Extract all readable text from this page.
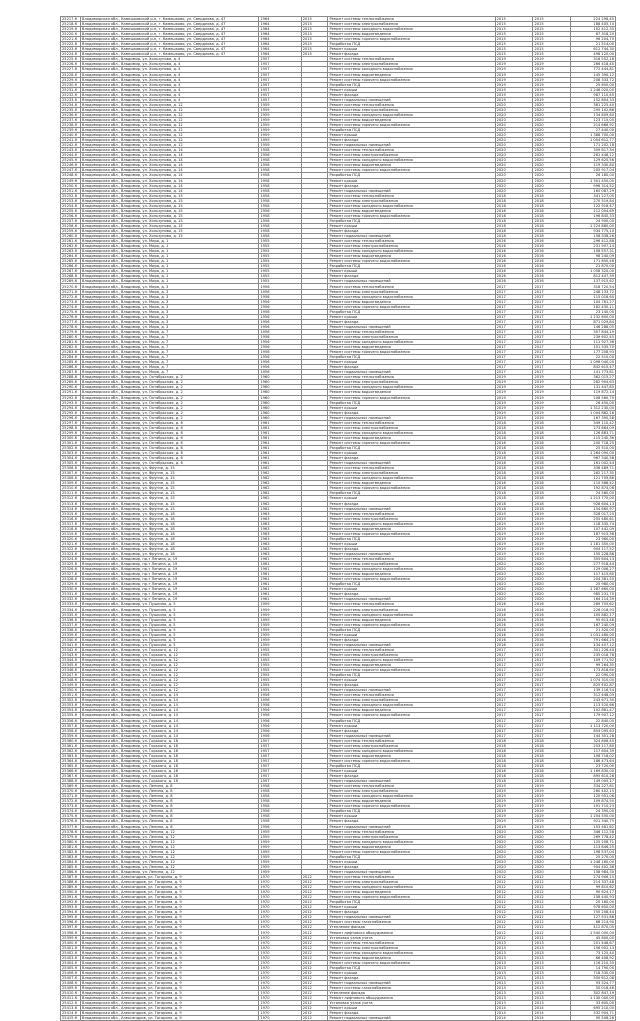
25217-К	Владимирская обл., Камешковский р-н, г. Камешково, ул. Свердлова, д. 47	1964	2015	Ремонт системы теплоснабжения	2015	2015	224 298,45
25218-К	Владимирская обл., Камешковский р-н, г. Камешково, ул. Свердлова, д. 47	1964	2015	Ремонт системы электроснабжения	2015	2015	188 405,10
25219-К	Владимирская обл., Камешковский р-н, г. Камешково, ул. Свердлова, д. 47	1964	2015	Ремонт системы холодного водоснабжения	2015	2015	102 412,35
25220-К	Владимирская обл., Камешковский р-н, г. Камешково, ул. Свердлова, д. 47	1964	2015	Ремонт системы водоотведения	2015	2015	87 318,20
25221-К	Владимирская обл., Камешковский р-н, г. Камешково, ул. Свердлова, д. 47	1964	2015	Ремонт системы горячего водоснабжения	2015	2015	96 204,70
25222-К	Владимирская обл., Камешковский р-н, г. Камешково, ул. Свердлова, д. 47	1964	2015	Разработка ПСД	2015	2015	21 514,00
25223-К	Владимирская обл., Камешковский р-н, г. Камешково, ул. Свердлова, д. 47	1964	2015	Ремонт крыши	2015	2015	612 744,30
25224-К	Владимирская обл., Камешковский р-н, г. Камешково, ул. Свердлова, д. 47	1964	2015	Ремонт фасада	2015	2015	498 120,00
25225-К	Владимирская обл., Владимир, ул. Хользунова, д. 4	1957		Ремонт системы теплоснабжения	2019	2019	316 552,18
25226-К	Владимирская обл., Владимир, ул. Хользунова, д. 4	1957		Ремонт системы электроснабжения	2019	2019	266 418,40
25227-К	Владимирская обл., Владимир, ул. Хользунова, д. 4	1957		Ремонт системы холодного водоснабжения	2019	2019	772 444,81
25228-К	Владимирская обл., Владимир, ул. Хользунова, д. 4	1957		Ремонт системы водоотведения	2019	2019	145 390,12
25229-К	Владимирская обл., Владимир, ул. Хользунова, д. 4	1957		Ремонт системы горячего водоснабжения	2019	2019	208 333,72
25230-К	Владимирская обл., Владимир, ул. Хользунова, д. 4	1957		Разработка ПСД	2019	2019	25 650,00
25231-К	Владимирская обл., Владимир, ул. Хользунова, д. 4	1957		Ремонт крыши	2019	2019	1 246 020,00
25232-К	Владимирская обл., Владимир, ул. Хользунова, д. 4	1957		Ремонт фасада	2019	2019	987 110,45
25233-К	Владимирская обл., Владимир, ул. Хользунова, д. 4	1957		Ремонт подвальных помещений	2019	2019	152 804,33
25234-К	Владимирская обл., Владимир, ул. Хользунова, д. 12	1959		Ремонт системы теплоснабжения	2020	2020	381 225,40
25235-К	Владимирская обл., Владимир, ул. Хользунова, д. 12	1959		Ремонт системы электроснабжения	2020	2020	295 102,88
25236-К	Владимирская обл., Владимир, ул. Хользунова, д. 12	1959		Ремонт системы холодного водоснабжения	2020	2020	134 809,60
25237-К	Владимирская обл., Владимир, ул. Хользунова, д. 12	1959		Ремонт системы водоотведения	2020	2020	123 715,05
25238-К	Владимирская обл., Владимир, ул. Хользунова, д. 12	1959		Ремонт системы горячего водоснабжения	2020	2020	214 668,92
25239-К	Владимирская обл., Владимир, ул. Хользунова, д. 12	1959		Разработка ПСД	2020	2020	27 440,00
25240-К	Владимирская обл., Владимир, ул. Хользунова, д. 12	1959		Ремонт крыши	2020	2020	1 388 700,00
25241-К	Владимирская обл., Владимир, ул. Хользунова, д. 12	1959		Ремонт фасада	2020	2020	1 054 612,77
25242-К	Владимирская обл., Владимир, ул. Хользунова, д. 12	1959		Ремонт подвальных помещений	2020	2020	171 202,18
25243-К	Владимирская обл., Владимир, ул. Хользунова, д. 14	1958		Ремонт системы теплоснабжения	2020	2020	359 817,34
25244-К	Владимирская обл., Владимир, ул. Хользунова, д. 14	1958		Ремонт системы электроснабжения	2020	2020	281 448,12
25245-К	Владимирская обл., Владимир, ул. Хользунова, д. 14	1958		Ремонт системы холодного водоснабжения	2020	2020	129 620,56
25246-К	Владимирская обл., Владимир, ул. Хользунова, д. 14	1958		Ремонт системы водоотведения	2020	2020	119 330,80
25247-К	Владимирская обл., Владимир, ул. Хользунова, д. 14	1958		Ремонт системы горячего водоснабжения	2020	2020	205 917,04
25248-К	Владимирская обл., Владимир, ул. Хользунова, д. 14	1958		Разработка ПСД	2020	2020	26 180,00
25249-К	Владимирская обл., Владимир, ул. Хользунова, д. 14	1958		Ремонт крыши	2020	2020	1 301 450,00
25250-К	Владимирская обл., Владимир, ул. Хользунова, д. 14	1958		Ремонт фасада	2020	2020	996 314,52
25251-К	Владимирская обл., Владимир, ул. Хользунова, д. 14	1958		Ремонт подвальных помещений	2020	2020	165 087,29
25252-К	Владимирская обл., Владимир, ул. Хользунова, д. 15	1958		Ремонт системы теплоснабжения	2018	2018	341 227,05
25253-К	Владимирская обл., Владимир, ул. Хользунова, д. 15	1958		Ремонт системы электроснабжения	2018	2018	270 519,84
25254-К	Владимирская обл., Владимир, ул. Хользунова, д. 15	1958		Ремонт системы холодного водоснабжения	2018	2018	122 918,47
25255-К	Владимирская обл., Владимир, ул. Хользунова, д. 15	1958		Ремонт системы водоотведения	2018	2018	112 004,69
25256-К	Владимирская обл., Владимир, ул. Хользунова, д. 15	1958		Ремонт системы горячего водоснабжения	2018	2018	196 845,33
25257-К	Владимирская обл., Владимир, ул. Хользунова, д. 15	1958		Разработка ПСД	2018	2018	24 900,00
25258-К	Владимирская обл., Владимир, ул. Хользунова, д. 15	1958		Ремонт крыши	2018	2018	1 224 880,00
25259-К	Владимирская обл., Владимир, ул. Хользунова, д. 15	1958		Ремонт фасада	2018	2018	934 775,10
25260-К	Владимирская обл., Владимир, ул. Хользунова, д. 15	1958		Ремонт подвальных помещений	2018	2018	158 338,26
25261-К	Владимирская обл., Владимир, ул. Мира, д. 1	1955		Ремонт системы теплоснабжения	2016	2016	296 412,88
25262-К	Владимирская обл., Владимир, ул. Мира, д. 1	1955		Ремонт системы электроснабжения	2016	2016	231 907,14
25263-К	Владимирская обл., Владимир, ул. Мира, д. 1	1955		Ремонт системы холодного водоснабжения	2016	2016	108 557,31
25264-К	Владимирская обл., Владимир, ул. Мира, д. 1	1955		Ремонт системы водоотведения	2016	2016	98 240,09
25265-К	Владимирская обл., Владимир, ул. Мира, д. 1	1955		Ремонт системы горячего водоснабжения	2016	2016	171 650,46
25266-К	Владимирская обл., Владимир, ул. Мира, д. 1	1955		Разработка ПСД	2016	2016	21 870,00
25267-К	Владимирская обл., Владимир, ул. Мира, д. 1	1955		Ремонт крыши	2016	2016	1 058 320,00
25268-К	Владимирская обл., Владимир, ул. Мира, д. 1	1955		Ремонт фасада	2016	2016	812 447,39
25269-К	Владимирская обл., Владимир, ул. Мира, д. 1	1955		Ремонт подвальных помещений	2016	2016	137 915,62
25270-К	Владимирская обл., Владимир, ул. Мира, д. 3	1956		Ремонт системы теплоснабжения	2017	2017	318 720,54
25271-К	Владимирская обл., Владимир, ул. Мира, д. 3	1956		Ремонт системы электроснабжения	2017	2017	248 133,72
25272-К	Владимирская обл., Владимир, ул. Мира, д. 3	1956		Ремонт системы холодного водоснабжения	2017	2017	115 018,60
25273-К	Владимирская обл., Владимир, ул. Мира, д. 3	1956		Ремонт системы водоотведения	2017	2017	104 761,27
25274-К	Владимирская обл., Владимир, ул. Мира, д. 3	1956		Ремонт системы горячего водоснабжения	2017	2017	182 430,11
25275-К	Владимирская обл., Владимир, ул. Мира, д. 3	1956		Разработка ПСД	2017	2017	23 140,00
25276-К	Владимирская обл., Владимир, ул. Мира, д. 3	1956		Ремонт крыши	2017	2017	1 132 600,00
25277-К	Владимирская обл., Владимир, ул. Мира, д. 3	1956		Ремонт фасада	2017	2017	871 029,84
25278-К	Владимирская обл., Владимир, ул. Мира, д. 3	1956		Ремонт подвальных помещений	2017	2017	146 288,05
25279-К	Владимирская обл., Владимир, ул. Мира, д. 7	1956		Ремонт системы теплоснабжения	2017	2017	307 844,19
25280-К	Владимирская обл., Владимир, ул. Мира, д. 7	1956		Ремонт системы электроснабжения	2017	2017	239 602,45
25281-К	Владимирская обл., Владимир, ул. Мира, д. 7	1956		Ремонт системы холодного водоснабжения	2017	2017	111 927,38
25282-К	Владимирская обл., Владимир, ул. Мира, д. 7	1956		Ремонт системы водоотведения	2017	2017	101 335,70
25283-К	Владимирская обл., Владимир, ул. Мира, д. 7	1956		Ремонт системы горячего водоснабжения	2017	2017	177 208,93
25284-К	Владимирская обл., Владимир, ул. Мира, д. 7	1956		Разработка ПСД	2017	2017	22 510,00
25285-К	Владимирская обл., Владимир, ул. Мира, д. 7	1956		Ремонт крыши	2017	2017	1 096 040,00
25286-К	Владимирская обл., Владимир, ул. Мира, д. 7	1956		Ремонт фасада	2017	2017	842 615,47
25287-К	Владимирская обл., Владимир, ул. Мира, д. 7	1956		Ремонт подвальных помещений	2017	2017	141 773,81
25288-К	Владимирская обл., Владимир, ул. Октябрьская, д. 2	1960		Ремонт системы теплоснабжения	2019	2019	362 015,27
25289-К	Владимирская обл., Владимир, ул. Октябрьская, д. 2	1960		Ремонт системы электроснабжения	2019	2019	282 904,63
25290-К	Владимирская обл., Владимир, ул. Октябрьская, д. 2	1960		Ремонт системы холодного водоснабжения	2019	2019	131 447,85
25291-К	Владимирская обл., Владимир, ул. Октябрьская, д. 2	1960		Ремонт системы водоотведения	2019	2019	119 872,14
25292-К	Владимирская обл., Владимир, ул. Октябрьская, д. 2	1960		Ремонт системы горячего водоснабжения	2019	2019	208 560,79
25293-К	Владимирская обл., Владимир, ул. Октябрьская, д. 2	1960		Разработка ПСД	2019	2019	26 450,00
25294-К	Владимирская обл., Владимир, ул. Октябрьская, д. 2	1960		Ремонт крыши	2019	2019	1 312 230,00
25295-К	Владимирская обл., Владимир, ул. Октябрьская, д. 2	1960		Ремонт фасада	2019	2019	1 004 882,16
25296-К	Владимирская обл., Владимир, ул. Октябрьская, д. 2	1960		Ремонт подвальных помещений	2019	2019	167 390,58
25297-К	Владимирская обл., Владимир, ул. Октябрьская, д. 6	1961		Ремонт системы теплоснабжения	2018	2018	349 110,42
25298-К	Владимирская обл., Владимир, ул. Октябрьская, д. 6	1961		Ремонт системы электроснабжения	2018	2018	273 664,09
25299-К	Владимирская обл., Владимир, ул. Октябрьская, д. 6	1961		Ремонт системы холодного водоснабжения	2018	2018	126 883,71
25300-К	Владимирская обл., Владимир, ул. Октябрьская, д. 6	1961		Ремонт системы водоотведения	2018	2018	115 240,36
25301-К	Владимирская обл., Владимир, ул. Октябрьская, д. 6	1961		Ремонт системы горячего водоснабжения	2018	2018	200 718,25
25302-К	Владимирская обл., Владимир, ул. Октябрьская, д. 6	1961		Разработка ПСД	2018	2018	25 510,00
25303-К	Владимирская обл., Владимир, ул. Октябрьская, д. 6	1961		Ремонт крыши	2018	2018	1 264 090,00
25304-К	Владимирская обл., Владимир, ул. Октябрьская, д. 6	1961		Ремонт фасада	2018	2018	967 340,58
25305-К	Владимирская обл., Владимир, ул. Октябрьская, д. 6	1961		Ремонт подвальных помещений	2018	2018	161 002,44
25306-К	Владимирская обл., Владимир, ул. Фрунзе, д. 15	1962		Ремонт системы теплоснабжения	2018	2018	336 489,71
25307-К	Владимирская обл., Владимир, ул. Фрунзе, д. 15	1962		Ремонт системы электроснабжения	2018	2018	262 217,35
25308-К	Владимирская обл., Владимир, ул. Фрунзе, д. 15	1962		Ремонт системы холодного водоснабжения	2018	2018	121 709,86
25309-К	Владимирская обл., Владимир, ул. Фрунзе, д. 15	1962		Ремонт системы водоотведения	2018	2018	110 588,42
25310-К	Владимирская обл., Владимир, ул. Фрунзе, д. 15	1962		Ремонт системы горячего водоснабжения	2018	2018	192 874,06
25311-К	Владимирская обл., Владимир, ул. Фрунзе, д. 15	1962		Разработка ПСД	2018	2018	24 580,00
25312-К	Владимирская обл., Владимир, ул. Фрунзе, д. 15	1962		Ремонт крыши	2018	2018	1 213 770,00
25313-К	Владимирская обл., Владимир, ул. Фрунзе, д. 15	1962		Ремонт фасада	2018	2018	928 604,13
25314-К	Владимирская обл., Владимир, ул. Фрунзе, д. 15	1962		Ремонт подвальных помещений	2018	2018	154 660,97
25315-К	Владимирская обл., Владимир, ул. Фрунзе, д. 18	1963		Ремонт системы теплоснабжения	2019	2019	328 017,25
25316-К	Владимирская обл., Владимир, ул. Фрунзе, д. 18	1963		Ремонт системы электроснабжения	2019	2019	255 480,61
25317-К	Владимирская обл., Владимир, ул. Фрунзе, д. 18	1963		Ремонт системы холодного водоснабжения	2019	2019	118 335,74
25318-К	Владимирская обл., Владимир, ул. Фрунзе, д. 18	1963		Ремонт системы водоотведения	2019	2019	107 442,09
25319-К	Владимирская обл., Владимир, ул. Фрунзе, д. 18	1963		Ремонт системы горячего водоснабжения	2019	2019	187 915,38
25320-К	Владимирская обл., Владимир, ул. Фрунзе, д. 18	1963		Разработка ПСД	2019	2019	23 960,00
25321-К	Владимирская обл., Владимир, ул. Фрунзе, д. 18	1963		Ремонт крыши	2019	2019	1 181 350,00
25322-К	Владимирская обл., Владимир, ул. Фрунзе, д. 18	1963		Ремонт фасада	2019	2019	904 117,52
25323-К	Владимирская обл., Владимир, ул. Фрунзе, д. 18	1963		Ремонт подвальных помещений	2019	2019	150 228,86
25324-К	Владимирская обл., Владимир, пр-т Ленина, д. 19	1961		Ремонт системы теплоснабжения	2020	2020	355 604,13
25325-К	Владимирская обл., Владимир, пр-т Ленина, д. 19	1961		Ремонт системы электроснабжения	2020	2020	277 918,44
25326-К	Владимирская обл., Владимир, пр-т Ленина, д. 19	1961		Ремонт системы холодного водоснабжения	2020	2020	129 006,27
25327-К	Владимирская обл., Владимир, пр-т Ленина, д. 19	1961		Ремонт системы водоотведения	2020	2020	117 415,80
25328-К	Владимирская обл., Владимир, пр-т Ленина, д. 19	1961		Ремонт системы горячего водоснабжения	2020	2020	204 381,55
25329-К	Владимирская обл., Владимир, пр-т Ленина, д. 19	1961		Разработка ПСД	2020	2020	25 980,00
25330-К	Владимирская обл., Владимир, пр-т Ленина, д. 19	1961		Ремонт крыши	2020	2020	1 287 660,00
25331-К	Владимирская обл., Владимир, пр-т Ленина, д. 19	1961		Ремонт фасада	2020	2020	985 231,70
25332-К	Владимирская обл., Владимир, пр-т Ленина, д. 19	1961		Ремонт подвальных помещений	2020	2020	164 114,39
25333-К	Владимирская обл., Владимир, ул. Пушкина, д. 5	1959		Ремонт системы теплоснабжения	2016	2016	289 705,62
25334-К	Владимирская обл., Владимир, ул. Пушкина, д. 5	1959		Ремонт системы электроснабжения	2016	2016	226 018,93
25335-К	Владимирская обл., Владимир, ул. Пушкина, д. 5	1959		Ремонт системы холодного водоснабжения	2016	2016	105 882,17
25336-К	Владимирская обл., Владимир, ул. Пушкина, д. 5	1959		Ремонт системы водоотведения	2016	2016	95 613,48
25337-К	Владимирская обл., Владимир, ул. Пушкина, д. 5	1959		Ремонт системы горячего водоснабжения	2016	2016	167 240,09
25338-К	Владимирская обл., Владимир, ул. Пушкина, д. 5	1959		Разработка ПСД	2016	2016	21 320,00
25339-К	Владимирская обл., Владимир, ул. Пушкина, д. 5	1959		Ремонт крыши	2016	2016	1 031 480,00
25340-К	Владимирская обл., Владимир, ул. Пушкина, д. 5	1959		Ремонт фасада	2016	2016	791 664,25
25341-К	Владимирская обл., Владимир, ул. Пушкина, д. 5	1959		Ремонт подвальных помещений	2016	2016	134 407,12
25342-К	Владимирская обл., Владимир, ул. Горького, д. 12	1955		Ремонт системы теплоснабжения	2017	2017	301 226,40
25343-К	Владимирская обл., Владимир, ул. Горького, д. 12	1955		Ремонт системы электроснабжения	2017	2017	235 018,76
25344-К	Владимирская обл., Владимир, ул. Горького, д. 12	1955		Ремонт системы холодного водоснабжения	2017	2017	109 771,92
25345-К	Владимирская обл., Владимир, ул. Горького, д. 12	1955		Ремонт системы водоотведения	2017	2017	99 264,35
25346-К	Владимирская обл., Владимир, ул. Горького, д. 12	1955		Ремонт системы горячего водоснабжения	2017	2017	173 818,60
25347-К	Владимирская обл., Владимир, ул. Горького, д. 12	1955		Разработка ПСД	2017	2017	22 090,00
25348-К	Владимирская обл., Владимир, ул. Горького, д. 12	1955		Ремонт крыши	2017	2017	1 074 310,00
25349-К	Владимирская обл., Владимир, ул. Горького, д. 12	1955		Ремонт фасада	2017	2017	825 402,87
25350-К	Владимирская обл., Владимир, ул. Горького, д. 12	1955		Ремонт подвальных помещений	2017	2017	139 116,54
25351-К	Владимирская обл., Владимир, ул. Горького, д. 14	1956		Ремонт системы теплоснабжения	2017	2017	312 448,09
25352-К	Владимирская обл., Владимир, ул. Горького, д. 14	1956		Ремонт системы электроснабжения	2017	2017	243 671,30
25353-К	Владимирская обл., Владимир, ул. Горького, д. 14	1956		Ремонт системы холодного водоснабжения	2017	2017	113 520,66
25354-К	Владимирская обл., Владимир, ул. Горького, д. 14	1956		Ремонт системы водоотведения	2017	2017	102 881,47
25355-К	Владимирская обл., Владимир, ул. Горького, д. 14	1956		Ремонт системы горячего водоснабжения	2017	2017	179 907,12
25356-К	Владимирская обл., Владимир, ул. Горького, д. 14	1956		Разработка ПСД	2017	2017	22 840,00
25357-К	Владимирская обл., Владимир, ул. Горького, д. 14	1956		Ремонт крыши	2017	2017	1 113 720,00
25358-К	Владимирская обл., Владимир, ул. Горького, д. 14	1956		Ремонт фасада	2017	2017	854 095,63
25359-К	Владимирская обл., Владимир, ул. Горького, д. 14	1956		Ремонт подвальных помещений	2017	2017	144 351,28
25360-К	Владимирская обл., Владимир, ул. Горького, д. 18	1957		Ремонт системы теплоснабжения	2018	2018	324 806,45
25361-К	Владимирская обл., Владимир, ул. Горького, д. 18	1957		Ремонт системы электроснабжения	2018	2018	253 117,80
25362-К	Владимирская обл., Владимир, ул. Горького, д. 18	1957		Ремонт системы холодного водоснабжения	2018	2018	117 604,39
25363-К	Владимирская обл., Владимир, ул. Горького, д. 18	1957		Ремонт системы водоотведения	2018	2018	106 718,02
25364-К	Владимирская обл., Владимир, ул. Горького, д. 18	1957		Ремонт системы горячего водоснабжения	2018	2018	186 473,64
25365-К	Владимирская обл., Владимир, ул. Горького, д. 18	1957		Разработка ПСД	2018	2018	23 720,00
25366-К	Владимирская обл., Владимир, ул. Горького, д. 18	1957		Ремонт крыши	2018	2018	1 169 830,00
25367-К	Владимирская обл., Владимир, ул. Горького, д. 18	1957		Ремонт фасада	2018	2018	895 610,28
25368-К	Владимирская обл., Владимир, ул. Горького, д. 18	1957		Ремонт подвальных помещений	2018	2018	149 005,17
25369-К	Владимирская обл., Владимир, ул. Ленина, д. 8	1958		Ремонт системы теплоснабжения	2019	2019	334 227,81
25370-К	Владимирская обл., Владимир, ул. Ленина, д. 8	1958		Ремонт системы электроснабжения	2019	2019	260 402,15
25371-К	Владимирская обл., Владимир, ул. Ленина, д. 8	1958		Ремонт системы холодного водоснабжения	2019	2019	120 951,06
25372-К	Владимирская обл., Владимир, ул. Ленина, д. 8	1958		Ремонт системы водоотведения	2019	2019	109 874,50
25373-К	Владимирская обл., Владимир, ул. Ленина, д. 8	1958		Ремонт системы горячего водоснабжения	2019	2019	191 710,23
25374-К	Владимирская обл., Владимир, ул. Ленина, д. 8	1958		Разработка ПСД	2019	2019	24 390,00
25375-К	Владимирская обл., Владимир, ул. Ленина, д. 8	1958		Ремонт крыши	2019	2019	1 204 550,00
25376-К	Владимирская обл., Владимир, ул. Ленина, д. 8	1958		Ремонт фасада	2019	2019	921 340,75
25377-К	Владимирская обл., Владимир, ул. Ленина, д. 8	1958		Ремонт подвальных помещений	2019	2019	153 481,62
25378-К	Владимирская обл., Владимир, ул. Ленина, д. 12	1959		Ремонт системы теплоснабжения	2020	2020	346 112,58
25379-К	Владимирская обл., Владимир, ул. Ленина, д. 12	1959		Ремонт системы электроснабжения	2020	2020	269 778,42
25380-К	Владимирская обл., Владимир, ул. Ленина, д. 12	1959		Ремонт системы холодного водоснабжения	2020	2020	125 208,71
25381-К	Владимирская обл., Владимир, ул. Ленина, д. 12	1959		Ремонт системы водоотведения	2020	2020	113 846,25
25382-К	Владимирская обл., Владимир, ул. Ленина, д. 12	1959		Ремонт системы горячего водоснабжения	2020	2020	198 537,04
25383-К	Владимирская обл., Владимир, ул. Ленина, д. 12	1959		Разработка ПСД	2020	2020	25 270,00
25384-К	Владимирская обл., Владимир, ул. Ленина, д. 12	1959		Ремонт крыши	2020	2020	1 248 160,00
25385-К	Владимирская обл., Владимир, ул. Ленина, д. 12	1959		Ремонт фасада	2020	2020	954 402,36
25386-К	Владимирская обл., Владимир, ул. Ленина, д. 12	1959		Ремонт подвальных помещений	2020	2020	158 984,30
25387-К	Владимирская обл., Александров, ул. Гагарина, д. 9	1970	2012	Ремонт системы теплоснабжения	2012	2012	274 906,15
25388-К	Владимирская обл., Александров, ул. Гагарина, д. 9	1970	2012	Ремонт системы электроснабжения	2012	2012	214 337,48
25389-К	Владимирская обл., Александров, ул. Гагарина, д. 9	1970	2012	Ремонт системы холодного водоснабжения	2012	2012	99 810,62
25390-К	Владимирская обл., Александров, ул. Гагарина, д. 9	1970	2012	Ремонт системы водоотведения	2012	2012	90 624,17
25391-К	Владимирская обл., Александров, ул. Гагарина, д. 9	1970	2012	Ремонт системы горячего водоснабжения	2012	2012	158 440,93
25392-К	Владимирская обл., Александров, ул. Гагарина, д. 9	1970	2012	Разработка ПСД	2012	2012	20 180,00
25393-К	Владимирская обл., Александров, ул. Гагарина, д. 9	1970	2012	Ремонт крыши	2012	2012	978 650,00
25394-К	Владимирская обл., Александров, ул. Гагарина, д. 9	1970	2012	Ремонт фасада	2012	2012	750 208,44
25395-К	Владимирская обл., Александров, ул. Гагарина, д. 9	1970	2012	Ремонт подвальных помещений	2012	2012	127 531,86
25396-К	Владимирская обл., Александров, ул. Гагарина, д. 9	1970	2012	Ремонт системы газоснабжения	2012	2012	68 214,90
25397-К	Владимирская обл., Александров, ул. Гагарина, д. 9	1970	2012	Утепление фасада	2012	2012	412 870,05
25398-К	Владимирская обл., Александров, ул. Гагарина, д. 9	1970	2012	Ремонт лифтового оборудования	2012	2012	1 540 000,00
25399-К	Владимирская обл., Александров, ул. Гагарина, д. 9	1970	2012	Установка узлов учета	2012	2012	45 800,00
25400-К	Владимирская обл., Александров, ул. Гагарина, д. 9	1970	2012	Ремонт системы теплоснабжения	2013	2013	201 448,67
25401-К	Владимирская обл., Александров, ул. Гагарина, д. 9	1970	2012	Ремонт системы электроснабжения	2013	2013	156 902,13
25402-К	Владимирская обл., Александров, ул. Гагарина, д. 9	1970	2012	Ремонт системы холодного водоснабжения	2013	2013	73 125,40
25403-К	Владимирская обл., Александров, ул. Гагарина, д. 9	1970	2012	Ремонт системы водоотведения	2013	2013	66 408,92
25404-К	Владимирская обл., Александров, ул. Гагарина, д. 9	1970	2012	Ремонт системы горячего водоснабжения	2013	2013	116 210,35
25405-К	Владимирская обл., Александров, ул. Гагарина, д. 9	1970	2012	Разработка ПСД	2013	2013	14 790,00
25406-К	Владимирская обл., Александров, ул. Гагарина, д. 9	1970	2012	Ремонт крыши	2013	2013	718 330,00
25407-К	Владимирская обл., Александров, ул. Гагарина, д. 9	1970	2012	Ремонт фасада	2013	2013	550 612,08
25408-К	Владимирская обл., Александров, ул. Гагарина, д. 9	1970	2012	Ремонт подвальных помещений	2013	2013	93 524,77
25409-К	Владимирская обл., Александров, ул. Гагарина, д. 9	1970	2012	Ремонт системы газоснабжения	2013	2013	50 018,46
25410-К	Владимирская обл., Александров, ул. Гагарина, д. 9	1970	2012	Утепление фасада	2013	2013	302 847,19
25411-К	Владимирская обл., Александров, ул. Гагарина, д. 9	1970	2012	Ремонт лифтового оборудования	2013	2013	1 130 000,00
25412-К	Владимирская обл., Александров, ул. Гагарина, д. 9	1970	2012	Установка узлов учета	2013	2013	33 600,00
25413-К	Владимирская обл., Александров, ул. Гагарина, д. 9	1970	2012	Ремонт крыши	2014	2014	695 210,00
25414-К	Владимирская обл., Александров, ул. Гагарина, д. 9	1970	2012	Ремонт фасада	2014	2014	532 904,71
25415-К	Владимирская обл., Александров, ул. Гагарина, д. 9	1970	2012	Ремонт подвальных помещений	2014	2014	90 506,28
